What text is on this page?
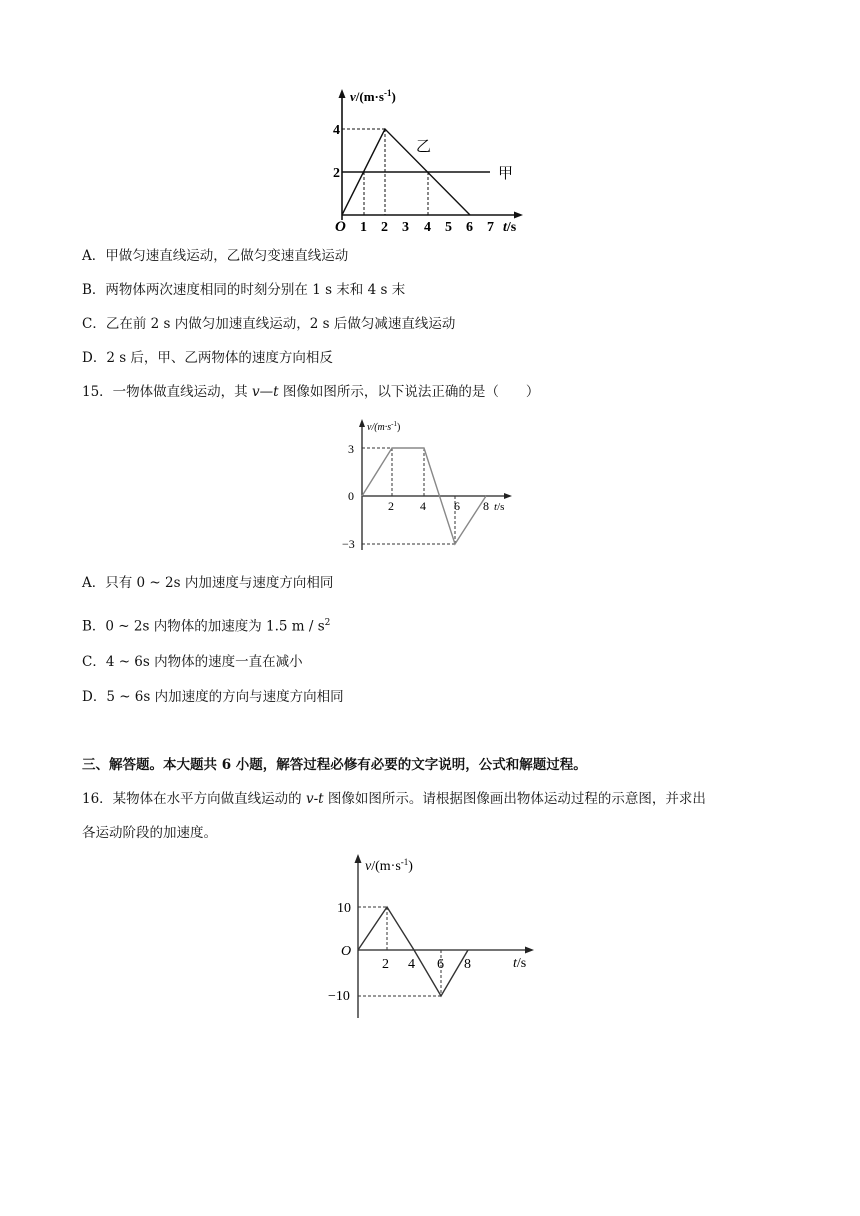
$v/(m\cdot s^{-1})$
4
2
乙
甲
O 1 2 3 4 5 6 7 t/s
A．甲做匀速直线运动，乙做匀变速直线运动
B．两物体两次速度相同的时刻分别在 1 s 末和 4 s 末
C．乙在前 2 s 内做匀加速直线运动，2 s 后做匀减速直线运动
D．2 s 后，甲、乙两物体的速度方向相反
15．一物体做直线运动，其 v—t 图像如图所示，以下说法正确的是（　　）
$v/(m\cdot s^{-1})$
3
0
−3
2 4 6 8 t/s
A．只有 0 ~ 2s 内加速度与速度方向相同
B．0 ~ 2s 内物体的加速度为 1.5 m / $s^2$
C．4 ~ 6s 内物体的速度一直在减小
D．5 ~ 6s 内加速度的方向与速度方向相同
三、解答题。本大题共 6 小题，解答过程必修有必要的文字说明，公式和解题过程。
16．某物体在水平方向做直线运动的 v-t 图像如图所示。请根据图像画出物体运动过程的示意图，并求出
各运动阶段的加速度。
$v/(m\cdot s^{-1})$
10
O
−10
2 4 6 8	t/s
